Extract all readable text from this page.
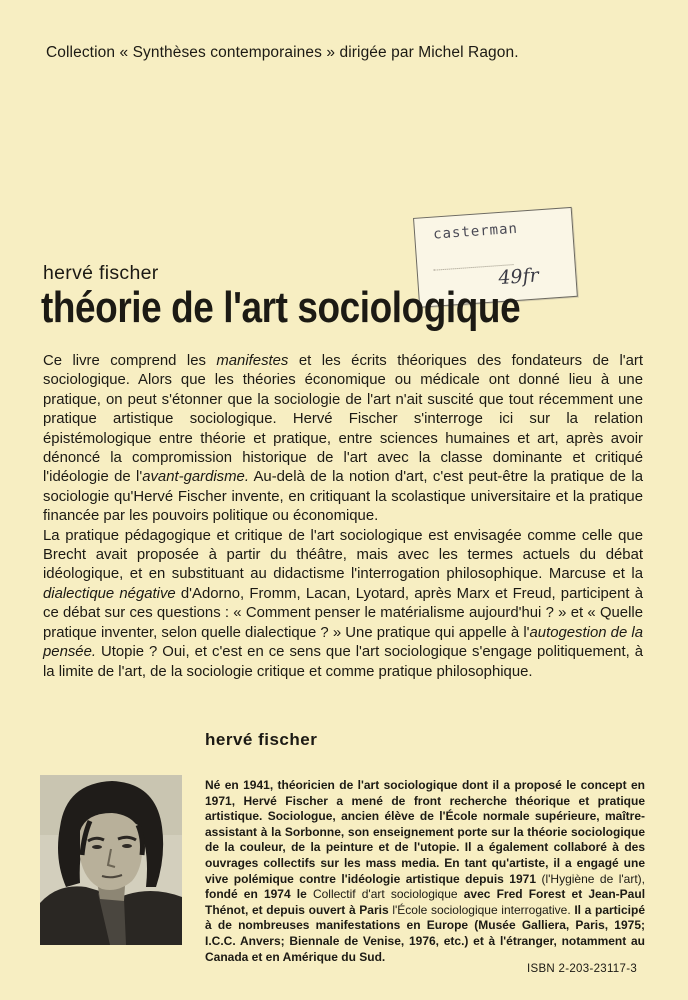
Collection « Synthèses contemporaines » dirigée par Michel Ragon.
casterman
49fr
hervé fischer
théorie de l'art sociologique

Ce livre comprend les manifestes et les écrits théoriques des fondateurs de l'art sociologique. Alors que les théories économique ou médicale ont donné lieu à une pratique, on peut s'étonner que la sociologie de l'art n'ait suscité que tout récemment une pratique artistique sociologique. Hervé Fischer s'interroge ici sur la relation épistémologique entre théorie et pratique, entre sciences humaines et art, après avoir dénoncé la compromission historique de l'art avec la classe dominante et critiqué l'idéologie de l'avant-gardisme. Au-delà de la notion d'art, c'est peut-être la pratique de la sociologie qu'Hervé Fischer invente, en critiquant la scolastique universitaire et la pratique financée par les pouvoirs politique ou économique.

La pratique pédagogique et critique de l'art sociologique est envisagée comme celle que Brecht avait proposée à partir du théâtre, mais avec les termes actuels du débat idéologique, et en substituant au didactisme l'interrogation philosophique. Marcuse et la dialectique négative d'Adorno, Fromm, Lacan, Lyotard, après Marx et Freud, participent à ce débat sur ces questions : « Comment penser le matérialisme aujourd'hui ? » et « Quelle pratique inventer, selon quelle dialectique ? » Une pratique qui appelle à l'autogestion de la pensée. Utopie ? Oui, et c'est en ce sens que l'art sociologique s'engage politiquement, à la limite de l'art, de la sociologie critique et comme pratique philosophique.

hervé fischer
Né en 1941, théoricien de l'art sociologique dont il a proposé le concept en 1971, Hervé Fischer a mené de front recherche théorique et pratique artistique. Sociologue, ancien élève de l'École normale supérieure, maître-assistant à la Sorbonne, son enseignement porte sur la théorie sociologique de la couleur, de la peinture et de l'utopie. Il a également collaboré à des ouvrages collectifs sur les mass media. En tant qu'artiste, il a engagé une vive polémique contre l'idéologie artistique depuis 1971 (l'Hygiène de l'art), fondé en 1974 le Collectif d'art sociologique avec Fred Forest et Jean-Paul Thénot, et depuis ouvert à Paris l'École sociologique interrogative. Il a participé à de nombreuses manifestations en Europe (Musée Galliera, Paris, 1975; I.C.C. Anvers; Biennale de Venise, 1976, etc.) et à l'étranger, notamment au Canada et en Amérique du Sud.
ISBN 2-203-23117-3
